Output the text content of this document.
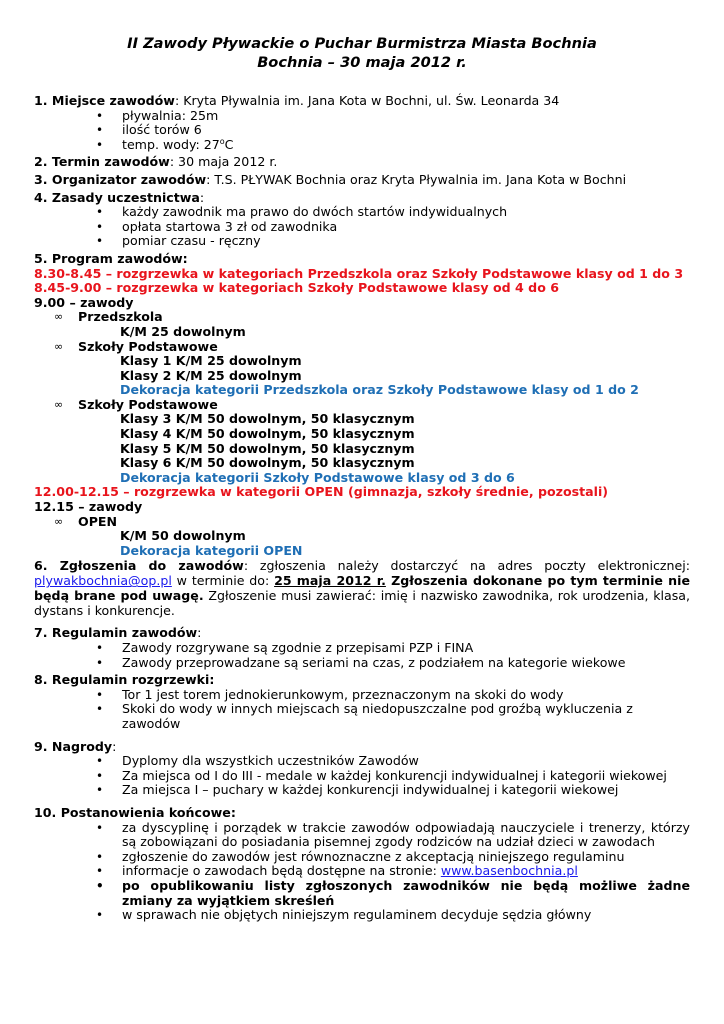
II Zawody Pływackie o Puchar Burmistrza Miasta Bochnia
Bochnia – 30 maja 2012 r.
1. Miejsce zawodów: Kryta Pływalnia im. Jana Kota w Bochni, ul. Św. Leonarda 34
• pływalnia: 25m
• ilość torów 6
• temp. wody: 27$^o$C
2. Termin zawodów: 30 maja 2012 r.
3. Organizator zawodów: T.S. PŁYWAK Bochnia oraz Kryta Pływalnia im. Jana Kota w Bochni
4. Zasady uczestnictwa:
• każdy zawodnik ma prawo do dwóch startów indywidualnych
• opłata startowa 3 zł od zawodnika
• pomiar czasu - ręczny
5. Program zawodów:
8.30-8.45 – rozgrzewka w kategoriach Przedszkola oraz Szkoły Podstawowe klasy od 1 do 3
8.45-9.00 – rozgrzewka w kategoriach Szkoły Podstawowe klasy od 4 do 6
9.00 – zawody
∞ Przedszkola
K/M 25 dowolnym
∞ Szkoły Podstawowe
Klasy 1 K/M 25 dowolnym
Klasy 2 K/M 25 dowolnym
Dekoracja kategorii Przedszkola oraz Szkoły Podstawowe klasy od 1 do 2
∞ Szkoły Podstawowe
Klasy 3 K/M 50 dowolnym, 50 klasycznym
Klasy 4 K/M 50 dowolnym, 50 klasycznym
Klasy 5 K/M 50 dowolnym, 50 klasycznym
Klasy 6 K/M 50 dowolnym, 50 klasycznym
Dekoracja kategorii Szkoły Podstawowe klasy od 3 do 6
12.00-12.15 – rozgrzewka w kategorii OPEN (gimnazja, szkoły średnie, pozostali)
12.15 – zawody
∞ OPEN
K/M 50 dowolnym
Dekoracja kategorii OPEN
6. Zgłoszenia do zawodów: zgłoszenia należy dostarczyć na adres poczty elektronicznej: plywakbochnia@op.pl w terminie do: 25 maja 2012 r. Zgłoszenia dokonane po tym terminie nie będą brane pod uwagę. Zgłoszenie musi zawierać: imię i nazwisko zawodnika, rok urodzenia, klasa, dystans i konkurencje.
7. Regulamin zawodów:
• Zawody rozgrywane są zgodnie z przepisami PZP i FINA
• Zawody przeprowadzane są seriami na czas, z podziałem na kategorie wiekowe
8. Regulamin rozgrzewki:
• Tor 1 jest torem jednokierunkowym, przeznaczonym na skoki do wody
• Skoki do wody w innych miejscach są niedopuszczalne pod groźbą wykluczenia z zawodów
9. Nagrody:
• Dyplomy dla wszystkich uczestników Zawodów
• Za miejsca od I do III - medale w każdej konkurencji indywidualnej i kategorii wiekowej
• Za miejsca I – puchary w każdej konkurencji indywidualnej i kategorii wiekowej
10. Postanowienia końcowe:
• za dyscyplinę i porządek w trakcie zawodów odpowiadają nauczyciele i trenerzy, którzy są zobowiązani do posiadania pisemnej zgody rodziców na udział dzieci w zawodach
• zgłoszenie do zawodów jest równoznaczne z akceptacją niniejszego regulaminu
• informacje o zawodach będą dostępne na stronie: www.basenbochnia.pl
• po opublikowaniu listy zgłoszonych zawodników nie będą możliwe żadne zmiany za wyjątkiem skreśleń
• w sprawach nie objętych niniejszym regulaminem decyduje sędzia główny
